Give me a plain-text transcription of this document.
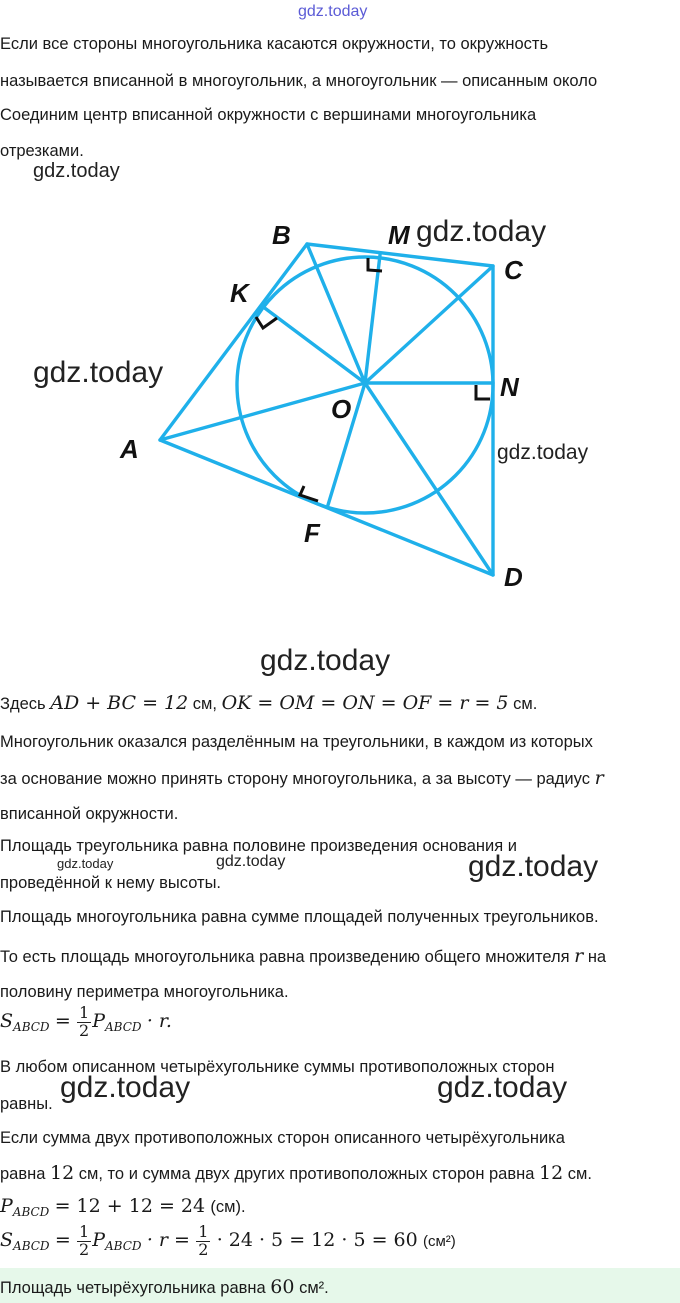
gdz.today
Если все стороны многоугольника касаются окружности, то окружность
называется вписанной в многоугольник, а многоугольник — описанным около
Соединим центр вписанной окружности с вершинами многоугольника
отрезками.
gdz.today
A
B
C
D
K
M
N
F
O
gdz.today
gdz.today
gdz.today
gdz.today
Здесь AD + BC = 12 см, OK = OM = ON = OF = r = 5 см.
Многоугольник оказался разделённым на треугольники, в каждом из которых
за основание можно принять сторону многоугольника, а за высоту — радиус r
вписанной окружности.
Площадь треугольника равна половине произведения основания и
gdz.today	gdz.today
проведённой к нему высоты.	gdz.today
Площадь многоугольника равна сумме площадей полученных треугольников.
То есть площадь многоугольника равна произведению общего множителя r на
половину периметра многоугольника.
$S_{ABCD} = \frac{1}{2} P_{ABCD} \cdot r$.
В любом описанном четырёхугольнике суммы противоположных сторон
равны. gdz.today	gdz.today
Если сумма двух противоположных сторон описанного четырёхугольника
равна 12 см, то и сумма двух других противоположных сторон равна 12 см.
$P_{ABCD} = 12 + 12 = 24$ (см).
$S_{ABCD} = \frac{1}{2} P_{ABCD} \cdot r = \frac{1}{2} \cdot 24 \cdot 5 = 12 \cdot 5 = 60$ (см²)
Площадь четырёхугольника равна 60 см².
